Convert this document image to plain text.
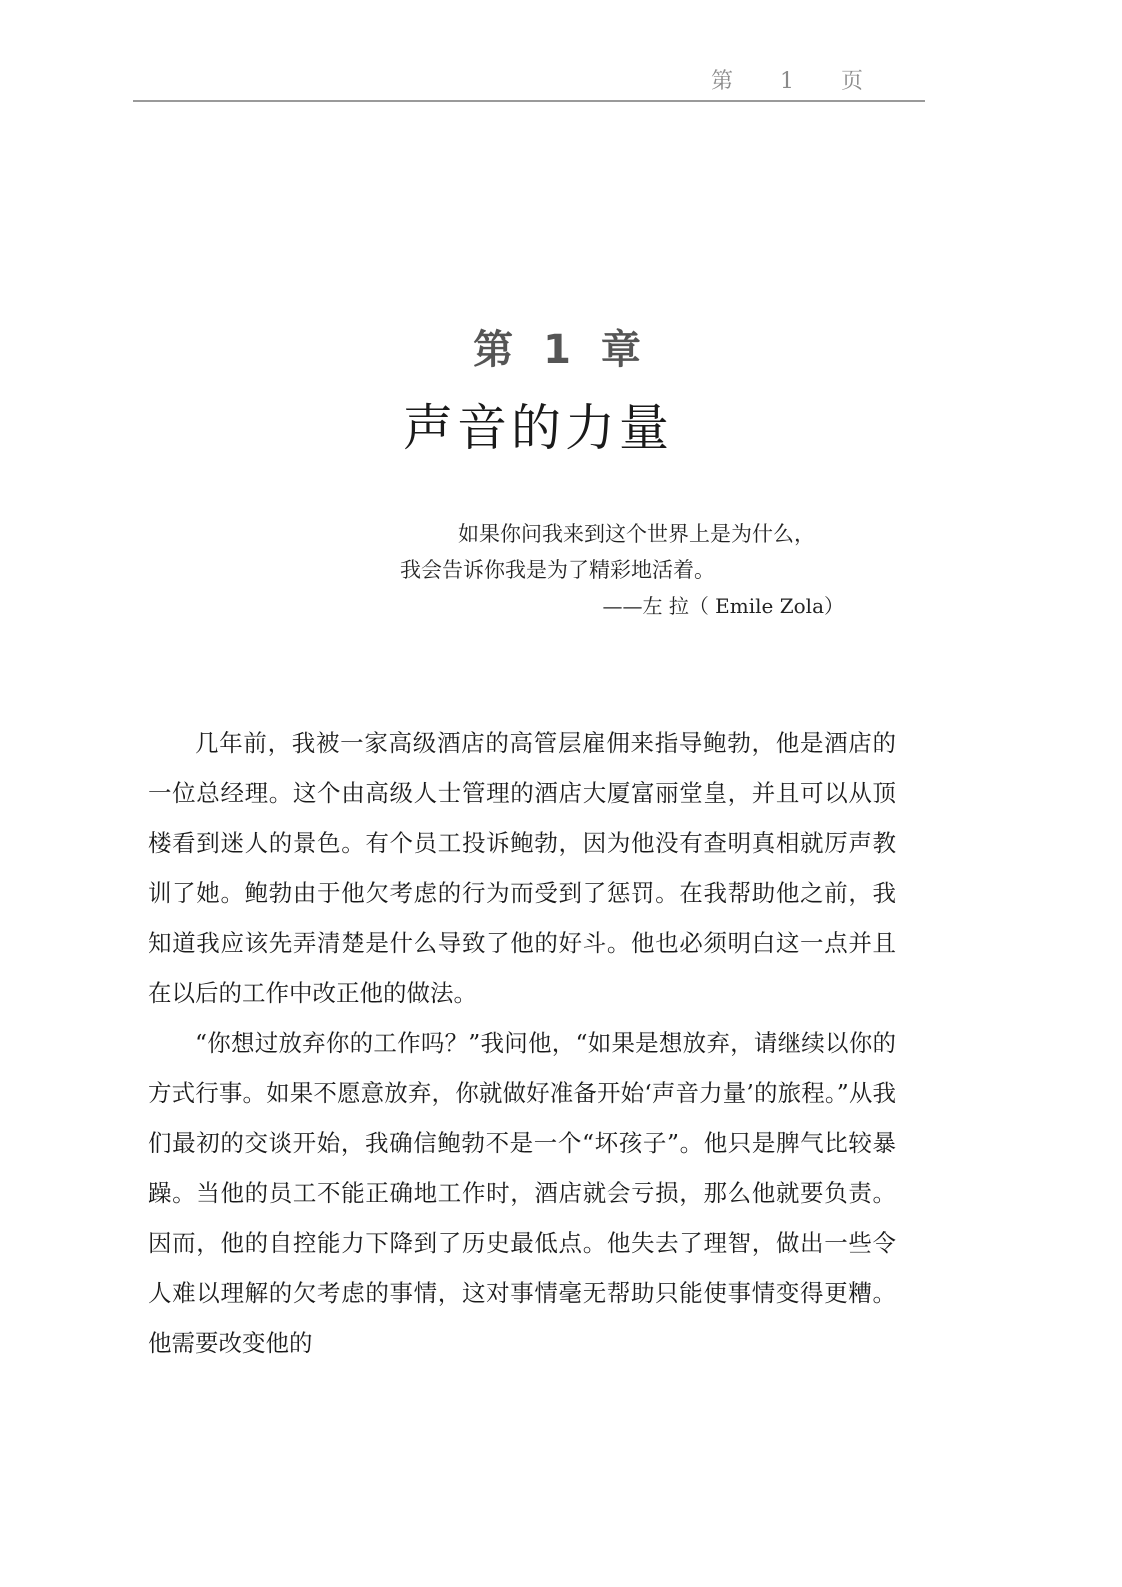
第 1 页
第 1 章
声音的力量
如果你问我来到这个世界上是为什么，
我会告诉你我是为了精彩地活着。
——左 拉（ Emile Zola）

几年前，我被一家高级酒店的高管层雇佣来指导鲍勃，他是酒店的一位总经理。这个由高级人士管理的酒店大厦富丽堂皇，并且可以从顶楼看到迷人的景色。有个员工投诉鲍勃，因为他没有查明真相就厉声教训了她。鲍勃由于他欠考虑的行为而受到了惩罚。在我帮助他之前，我知道我应该先弄清楚是什么导致了他的好斗。他也必须明白这一点并且在以后的工作中改正他的做法。

“你想过放弃你的工作吗？”我问他，“如果是想放弃，请继续以你的方式行事。如果不愿意放弃，你就做好准备开始‘声音力量’的旅程。”从我们最初的交谈开始，我确信鲍勃不是一个“坏孩子”。他只是脾气比较暴躁。当他的员工不能正确地工作时，酒店就会亏损，那么他就要负责。因而，他的自控能力下降到了历史最低点。他失去了理智，做出一些令人难以理解的欠考虑的事情，这对事情毫无帮助只能使事情变得更糟。他需要改变他的
